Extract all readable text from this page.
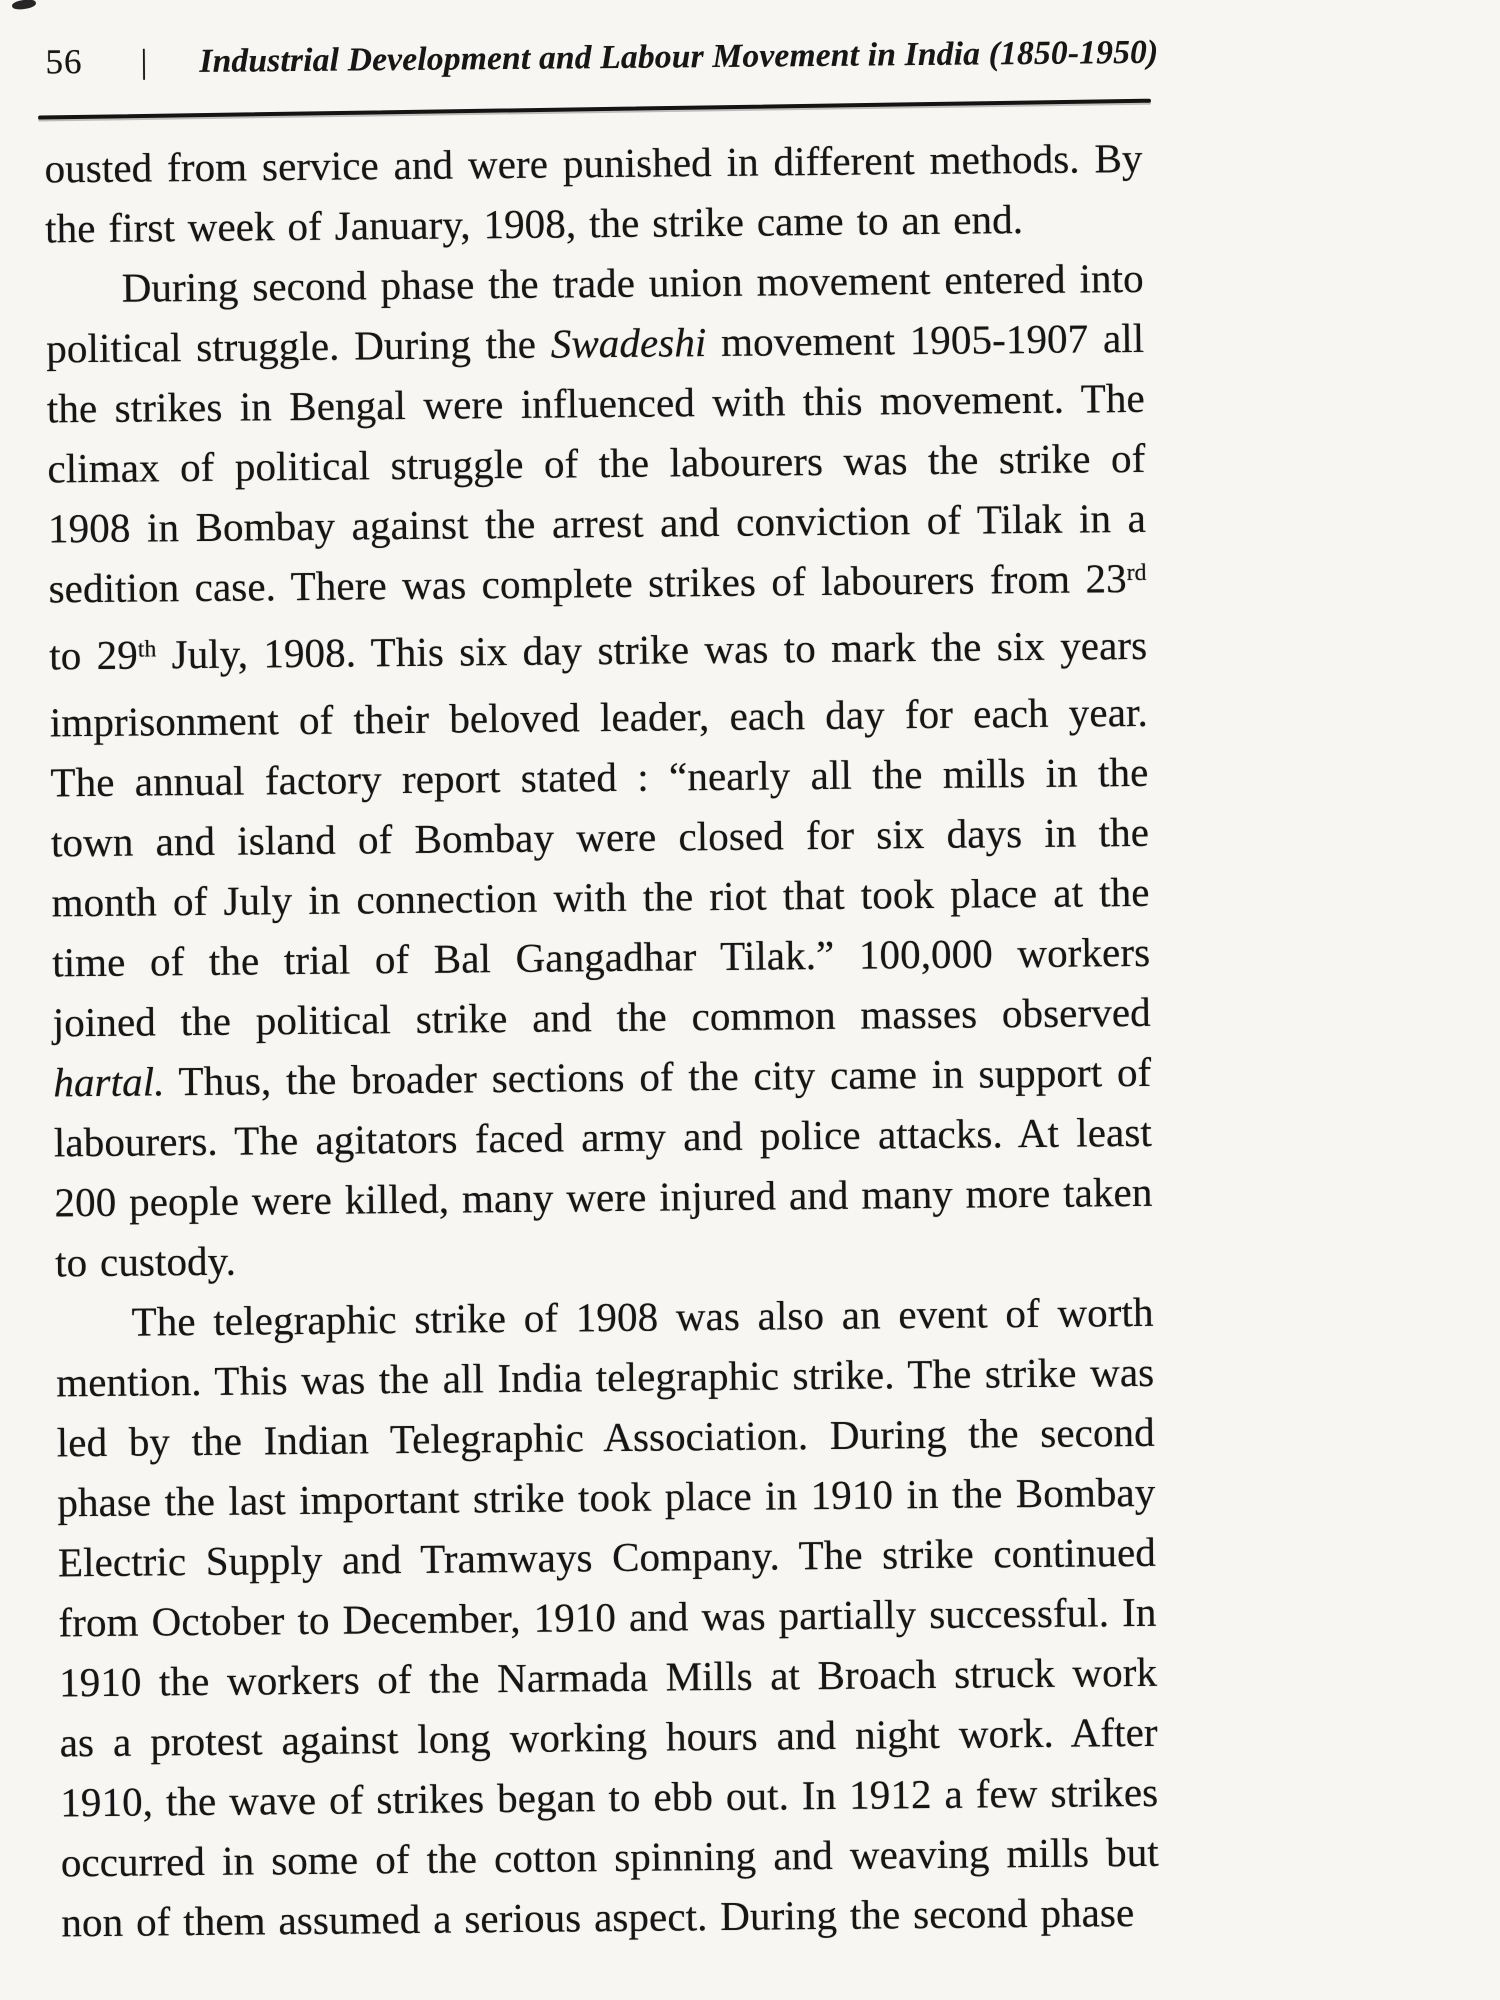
56 | Industrial Development and Labour Movement in India (1850-1950)

ousted from service and were punished in different methods. By the first week of January, 1908, the strike came to an end.

During second phase the trade union movement entered into political struggle. During the Swadeshi movement 1905-1907 all the strikes in Bengal were influenced with this movement. The climax of political struggle of the labourers was the strike of 1908 in Bombay against the arrest and conviction of Tilak in a sedition case. There was complete strikes of labourers from 23rd to 29th July, 1908. This six day strike was to mark the six years imprisonment of their beloved leader, each day for each year. The annual factory report stated : “nearly all the mills in the town and island of Bombay were closed for six days in the month of July in connection with the riot that took place at the time of the trial of Bal Gangadhar Tilak.” 100,000 workers joined the political strike and the common masses observed hartal. Thus, the broader sections of the city came in support of labourers. The agitators faced army and police attacks. At least 200 people were killed, many were injured and many more taken to custody.

The telegraphic strike of 1908 was also an event of worth mention. This was the all India telegraphic strike. The strike was led by the Indian Telegraphic Association. During the second phase the last important strike took place in 1910 in the Bombay Electric Supply and Tramways Company. The strike continued from October to December, 1910 and was partially successful. In 1910 the workers of the Narmada Mills at Broach struck work as a protest against long working hours and night work. After 1910, the wave of strikes began to ebb out. In 1912 a few strikes occurred in some of the cotton spinning and weaving mills but non of them assumed a serious aspect. During the second phase
